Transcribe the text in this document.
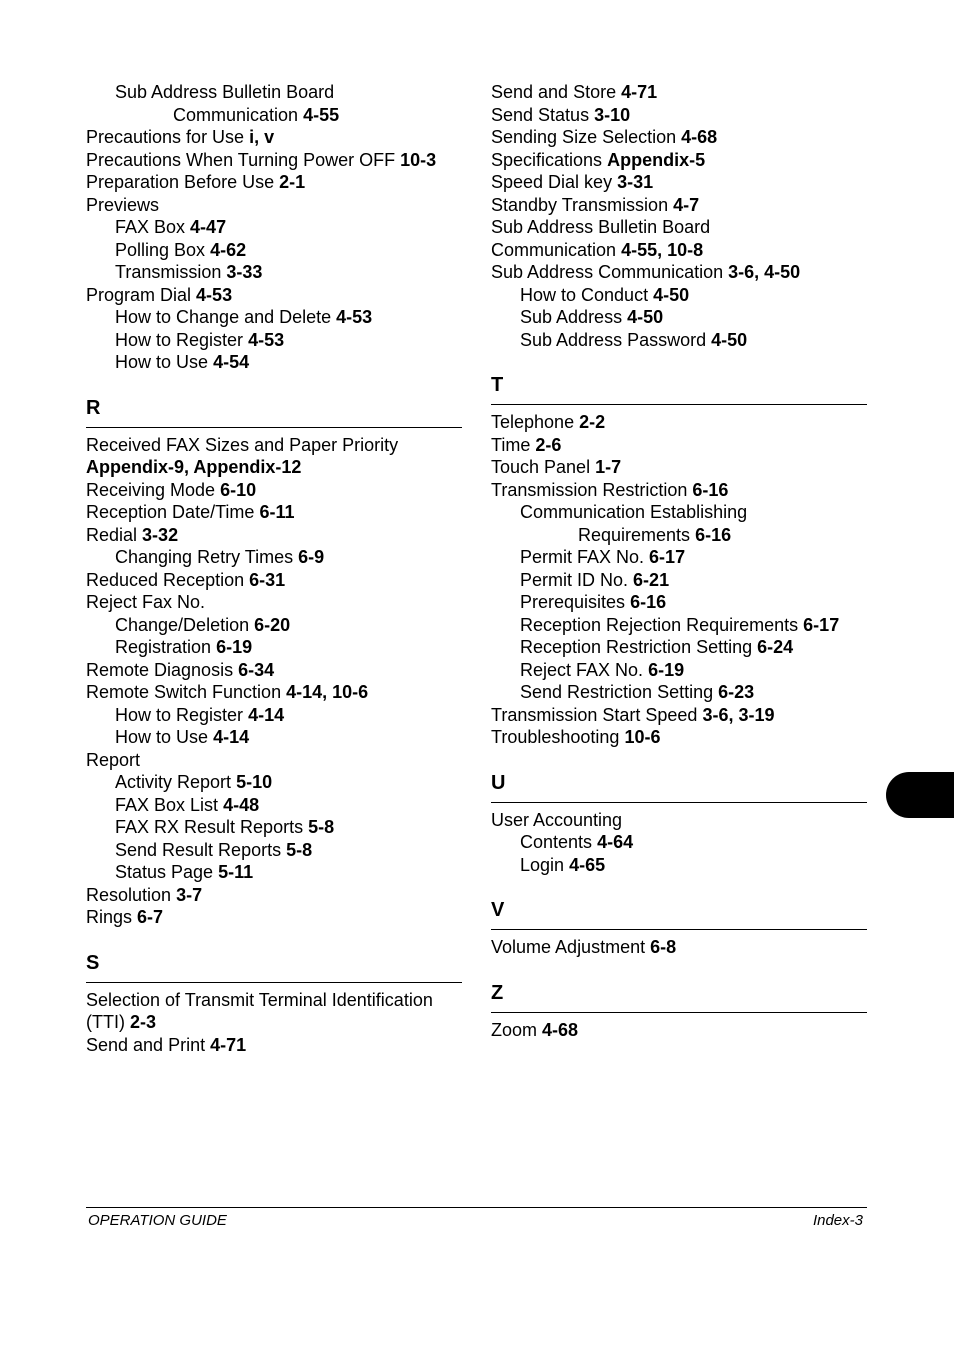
Sub Address Bulletin Board
Communication 4-55
Precautions for Use i, v
Precautions When Turning Power OFF 10-3
Preparation Before Use 2-1
Previews
FAX Box 4-47
Polling Box 4-62
Transmission 3-33
Program Dial 4-53
How to Change and Delete 4-53
How to Register 4-53
How to Use 4-54
R
Received FAX Sizes and Paper Priority
Appendix-9, Appendix-12
Receiving Mode 6-10
Reception Date/Time 6-11
Redial 3-32
Changing Retry Times 6-9
Reduced Reception 6-31
Reject Fax No.
Change/Deletion 6-20
Registration 6-19
Remote Diagnosis 6-34
Remote Switch Function 4-14, 10-6
How to Register 4-14
How to Use 4-14
Report
Activity Report 5-10
FAX Box List 4-48
FAX RX Result Reports 5-8
Send Result Reports 5-8
Status Page 5-11
Resolution 3-7
Rings 6-7
S
Selection of Transmit Terminal Identification
(TTI) 2-3
Send and Print 4-71
Send and Store 4-71
Send Status 3-10
Sending Size Selection 4-68
Specifications Appendix-5
Speed Dial key 3-31
Standby Transmission 4-7
Sub Address Bulletin Board
Communication 4-55, 10-8
Sub Address Communication 3-6, 4-50
How to Conduct 4-50
Sub Address 4-50
Sub Address Password 4-50
T
Telephone 2-2
Time 2-6
Touch Panel 1-7
Transmission Restriction 6-16
Communication Establishing
Requirements 6-16
Permit FAX No. 6-17
Permit ID No. 6-21
Prerequisites 6-16
Reception Rejection Requirements 6-17
Reception Restriction Setting 6-24
Reject FAX No. 6-19
Send Restriction Setting 6-23
Transmission Start Speed 3-6, 3-19
Troubleshooting 10-6
U
User Accounting
Contents 4-64
Login 4-65
V
Volume Adjustment 6-8
Z
Zoom 4-68
OPERATION GUIDE	Index-3
